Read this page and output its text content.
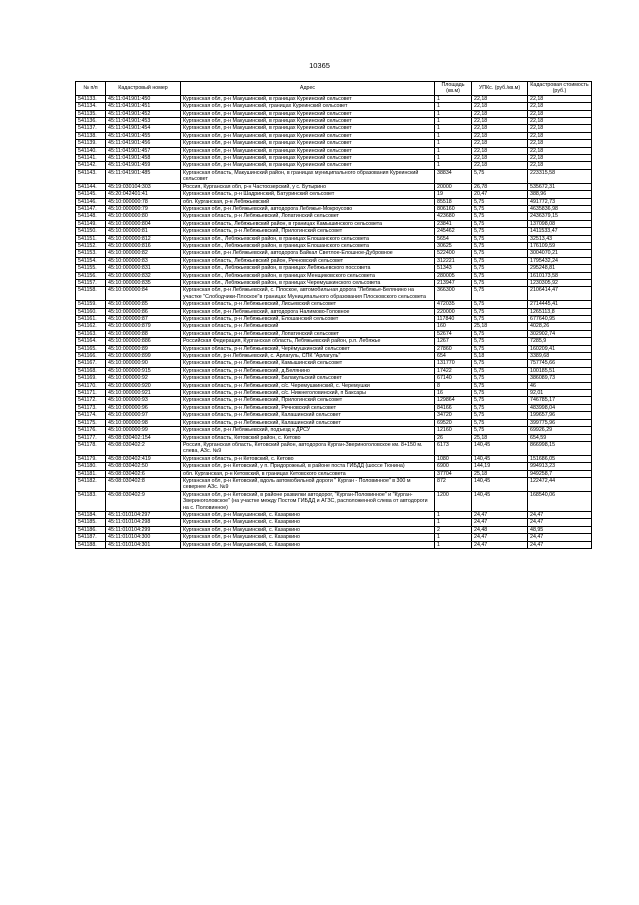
10365
№ п/п	Кадастровый номер	Адрес	Площадь (кв.м)	УПКс. (руб./кв.м)	Кадастровая стоимость (руб.)
541133.	45:11:041901:450	Курганская обл, р-н Макушинский, в границах Куреинский сельсовет	1	22,18	22,18
541134.	45:11:041901:451	Курганская обл, р-н Макушинский, границах Куреинский сельсовет	1	22,18	22,18
541135.	45:11:041901:452	Курганская обл, р-н Макушинский, в границах Куреинский сельсовет	1	22,18	22,18
541136.	45:11:041901:453	Курганская обл, р-н Макушинский, в границах Куреинский сельсовет	1	22,18	22,18
541137.	45:11:041901:454	Курганская обл, р-н Макушинский, в границах Куреинский сельсовет	1	22,18	22,18
541138.	45:11:041901:455	Курганская обл, р-н Макушинский, в границах Куреинский сельсовет	1	22,18	22,18
541139.	45:11:041901:456	Курганская обл, р-н Макушинский, в границах Куреинский сельсовет	1	22,18	22,18
541140.	45:11:041901:457	Курганская обл, р-н Макушинский, в границах Куреинский сельсовет	1	22,18	22,18
541141.	45:11:041901:458	Курганская обл, р-н Макушинский, в границах Куреинский сельсовет	1	22,18	22,18
541142.	45:11:041901:459	Курганская обл, р-н Макушинский, в границах Куреинский сельсовет	1	22,18	22,18
541143.	45:11:041901:485	Курганская область, Макушинский район, в границах муниципального образования Куреинский сельсовет	38834	5,75	223315,58
541144.	45:19:030104:303	Россия, Курганская обл, р-н Частоозерский, у с. Бутырино	20000	26,78	535672,31
541145.	45:20:042401:41	Курганская область, р-н Шадринский, Батуринский сельсовет	19	20,47	388,96
541146.	45:10:000000:78	обл. Курганская, р-н Лебяжьевский	85518	5,75	491772,73
541147.	45:10:000000:79	Курганская обл, р-н Лебяжьевский, автодорога Лебяжье-Мокроусово	806160	5,75	4635836,98
541148.	45:10:000000:80	Курганская область, р-н Лебяжьевский, Лопатинский сельсовет	423680	5,75	2436379,15
541149.	45:10:000000:804	Курганская область, Лебяжьевский район, в границах Камышинского сельсовета	23841	5,75	137098,08
541150.	45:10:000000:81	Курганская область, р-н Лебяжьевский, Прилогинский сельсовет	245462	5,75	1411533,47
541151.	45:10:000000:812	Курганская обл., Лебяжьевский район, в границах Елошанского сельсовета	5654	5,75	32513,43
541152.	45:10:000000:816	Курганская обл., Лебяжьевский район, в границах Елошанского сельсовета	30625	5,75	176109,59
541153.	45:10:000000:82	Курганская обл, р-н Лебяжьевский, автодорога Байкал Светлое-Елошное-Дубровное	522400	5,75	3004070,21
541154.	45:10:000000:83	Курганская область, Лебяжьевский район, Речновский сельсовет	312221	5,75	1795432,24
541155.	45:10:000000:831	Курганская обл., Лебяжьевский район, в границах Лебяжьевского поссовета	51343	5,75	295248,81
541156.	45:10:000000:832	Курганская обл., Лебяжьевский район, в границах Менщиковского сельсовета	280005	5,75	1610173,58
541157.	45:10:000000:835	Курганская обл., Лебяжьевский район, в границах Черемушкинского сельсовета	213947	5,75	1230305,92
541158.	45:10:000000:84	Курганская обл, р-н Лебяжьевский, с. Плоское, автомобильная дорога "Лебяжье-Белянино на участке "Слободчики-Плоское"в границах Муниципального образования Плосковского сельсовета	366300	5,75	2106414,47
541159.	45:10:000000:85	Курганская область, р-н Лебяжьевский, Лисьевский сельсовет	472035	5,75	2714445,41
541160.	45:10:000000:86	Курганская обл, р-н Лебяжьевский, автодорога Налимово-Головное	220000	5,75	1265113,8
541161.	45:10:000000:87	Курганская область, р-н Лебяжьевский, Елошанский сельсовет	117840	5,75	677640,95
541162.	45:10:000000:879	Курганская область, р-н Лебяжьевский	160	25,18	4028,26
541163.	45:10:000000:88	Курганская область, р-н Лебяжьевский, Лопатинский сельсовет	52674	5,75	302902,74
541164.	45:10:000000:886	Российская Федерация, Курганская область, Лебяжьевский район, р.п. Лебяжье	1267	5,75	7285,9
541165.	45:10:000000:89	Курганская область, р-н Лебяжьевский, Черёмушкинский сельсовет	27860	5,75	160209,41
541166.	45:10:000000:899	Курганская обл, р-н Лебяжьевский, с. Арлагуль, СПК "Арлагуль"	654	5,18	3389,68
541167.	45:10:000000:90	Курганская область, р-н Лебяжьевский, Камышинский сельсовет	131770	5,75	757745,66
541168.	45:10:000000:915	Курганская область, р-н Лебяжьевский, д.Белянино	17422	5,75	100185,51
541169.	45:10:000000:92	Курганская область, р-н Лебяжьевский, Балакульский сельсовет	67140	5,75	386089,73
541170.	45:10:000000:920	Курганская область, р-н Лебяжьевский, с/с. Черемушкинский, с. Черемушки	8	5,75	46
541171.	45:10:000000:921	Курганская область, р-н Лебяжьевский, с/с. Нижнеголовинский, п Баксары	16	5,75	92,01
541172.	45:10:000000:93	Курганская область, р-н Лебяжьевский, Прилогинский сельсовет	129864	5,75	746785,17
541173.	45:10:000000:96	Курганская область, р-н Лебяжьевский, Речновский сельсовет	84166	5,75	483998,04
541174.	45:10:000000:97	Курганская область, р-н Лебяжьевский, Калашинский сельсовет	34720	5,75	199657,96
541175.	45:10:000000:98	Курганская область, р-н Лебяжьевский, Калашинский сельсовет	69520	5,75	399775,96
541176.	45:10:000000:99	Курганская обл, р-н Лебяжьевский, подъезд к ДРСУ	12160	5,75	69926,29
541177.	45:08:030402:154	Курганская область, Кетовский район, с. Кетово	26	25,18	654,59
541178.	45:08:030402:2	Россия, Курганская область, Кетовский район, автодорога Курган-Звериноголовское км. 8+150 м. слева, АЗс. №9	6173	140,45	866998,15
541179.	45:08:030402:419	Курганская область, р-н Кетовский, с. Кетово	1080	140,45	151686,05
541180.	45:08:030402:50	Курганская обл, р-н Кетовский, у п. Придорожный, в районе поста ГИБДД (шоссе Тюнина)	6900	144,19	994913,23
541181.	45:08:030402:6	обл. Курганская, р-н Кетовский, в границах Кетовского сельсовета	37704	25,18	949258,7
541182.	45:08:030402:8	Курганская обл, р-н Кетовский, вдоль автомобильной дороги " Курган - Половинное" в 300 м севернее АЗс. №9	872	140,45	122472,44
541183.	45:08:030402:9	Курганская обл, р-н Кетовский, в районе развилки автодорог, "Курган-Половинное" и "Курган-Звериноголовское" (на участке между Постом ГИБДД и АГЗС, расположенной слева от автодороги на с. Половинное)	1200	140,45	168540,06
541184.	45:11:010104:297	Курганская обл, р-н Макушинский, с. Казаркино	1	24,47	24,47
541185.	45:11:010104:298	Курганская обл, р-н Макушинский, с. Казаркино	1	24,47	24,47
541186.	45:11:010104:299	Курганская обл, р-н Макушинский, с. Казаркино	2	24,48	48,95
541187.	45:11:010104:300	Курганская обл, р-н Макушинский, с. Казаркино	1	24,47	24,47
541188.	45:11:010104:301	Курганская обл, р-н Макушинский, с. Казаркино	1	24,47	24,47
